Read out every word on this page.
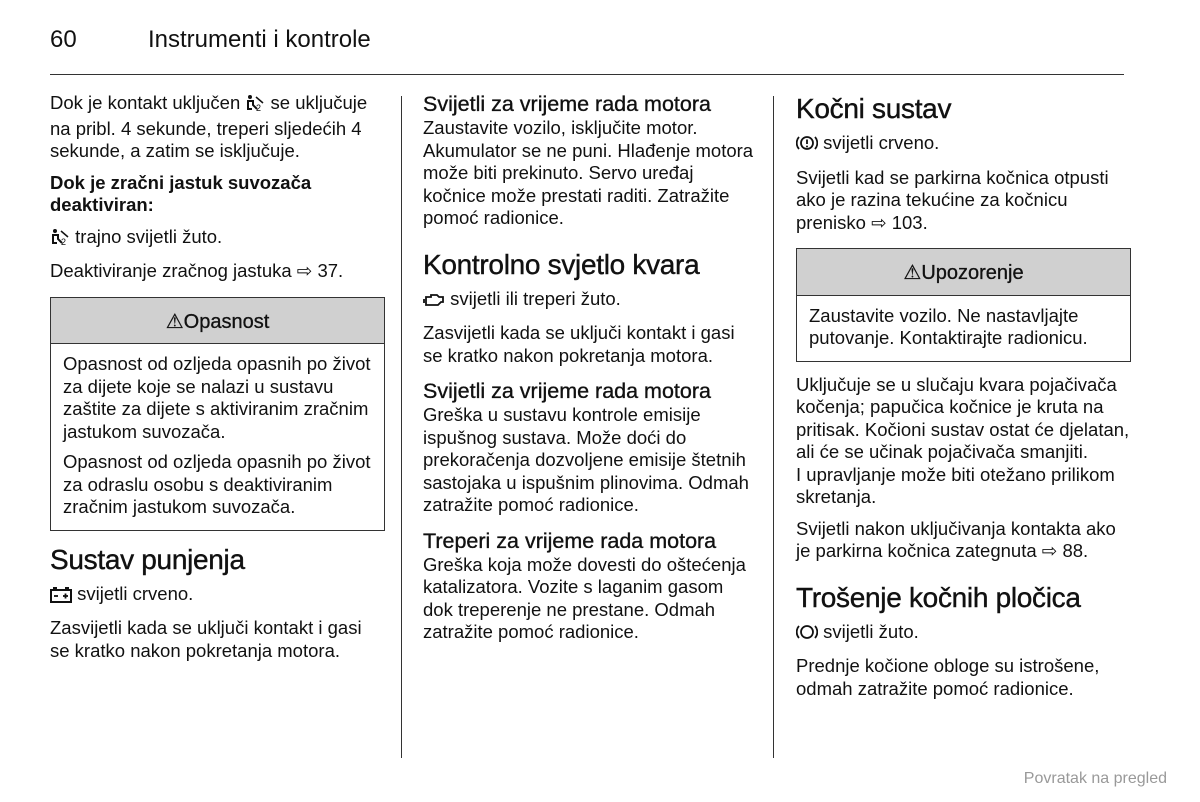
60	Instrumenti i kontrole

Dok je kontakt uključen 2 se uključuje na pribl. 4 sekunde, treperi sljedećih 4 sekunde, a zatim se isključuje.

Dok je zračni jastuk suvozača deaktiviran:

2 trajno svijetli žuto.

Deaktiviranje zračnog jastuka ⇨ 37.

⚠Opasnost

Opasnost od ozljeda opasnih po život za dijete koje se nalazi u sustavu zaštite za dijete s aktiviranim zračnim jastukom suvozača.

Opasnost od ozljeda opasnih po život za odraslu osobu s deaktiviranim zračnim jastukom suvozača.

Sustav punjenja

svijetli crveno.

Zasvijetli kada se uključi kontakt i gasi se kratko nakon pokretanja motora.

Svijetli za vrijeme rada motora

Zaustavite vozilo, isključite motor. Akumulator se ne puni. Hlađenje motora može biti prekinuto. Servo uređaj kočnice može prestati raditi. Zatražite pomoć radionice.

Kontrolno svjetlo kvara

svijetli ili treperi žuto.

Zasvijetli kada se uključi kontakt i gasi se kratko nakon pokretanja motora.

Svijetli za vrijeme rada motora

Greška u sustavu kontrole emisije ispušnog sustava. Može doći do prekoračenja dozvoljene emisije štetnih sastojaka u ispušnim plinovima. Odmah zatražite pomoć radionice.

Treperi za vrijeme rada motora

Greška koja može dovesti do oštećenja katalizatora. Vozite s laganim gasom dok treperenje ne prestane. Odmah zatražite pomoć radionice.

Kočni sustav

svijetli crveno.

Svijetli kad se parkirna kočnica otpusti ako je razina tekućine za kočnicu prenisko ⇨ 103.

⚠Upozorenje

Zaustavite vozilo. Ne nastavljajte putovanje. Kontaktirajte radionicu.

Uključuje se u slučaju kvara pojačivača kočenja; papučica kočnice je kruta na pritisak. Kočioni sustav ostat će djelatan, ali će se učinak pojačivača smanjiti.

I upravljanje može biti otežano prilikom skretanja.

Svijetli nakon uključivanja kontakta ako je parkirna kočnica zategnuta ⇨ 88.

Trošenje kočnih pločica

svijetli žuto.

Prednje kočione obloge su istrošene, odmah zatražite pomoć radionice.

Povratak na pregled
